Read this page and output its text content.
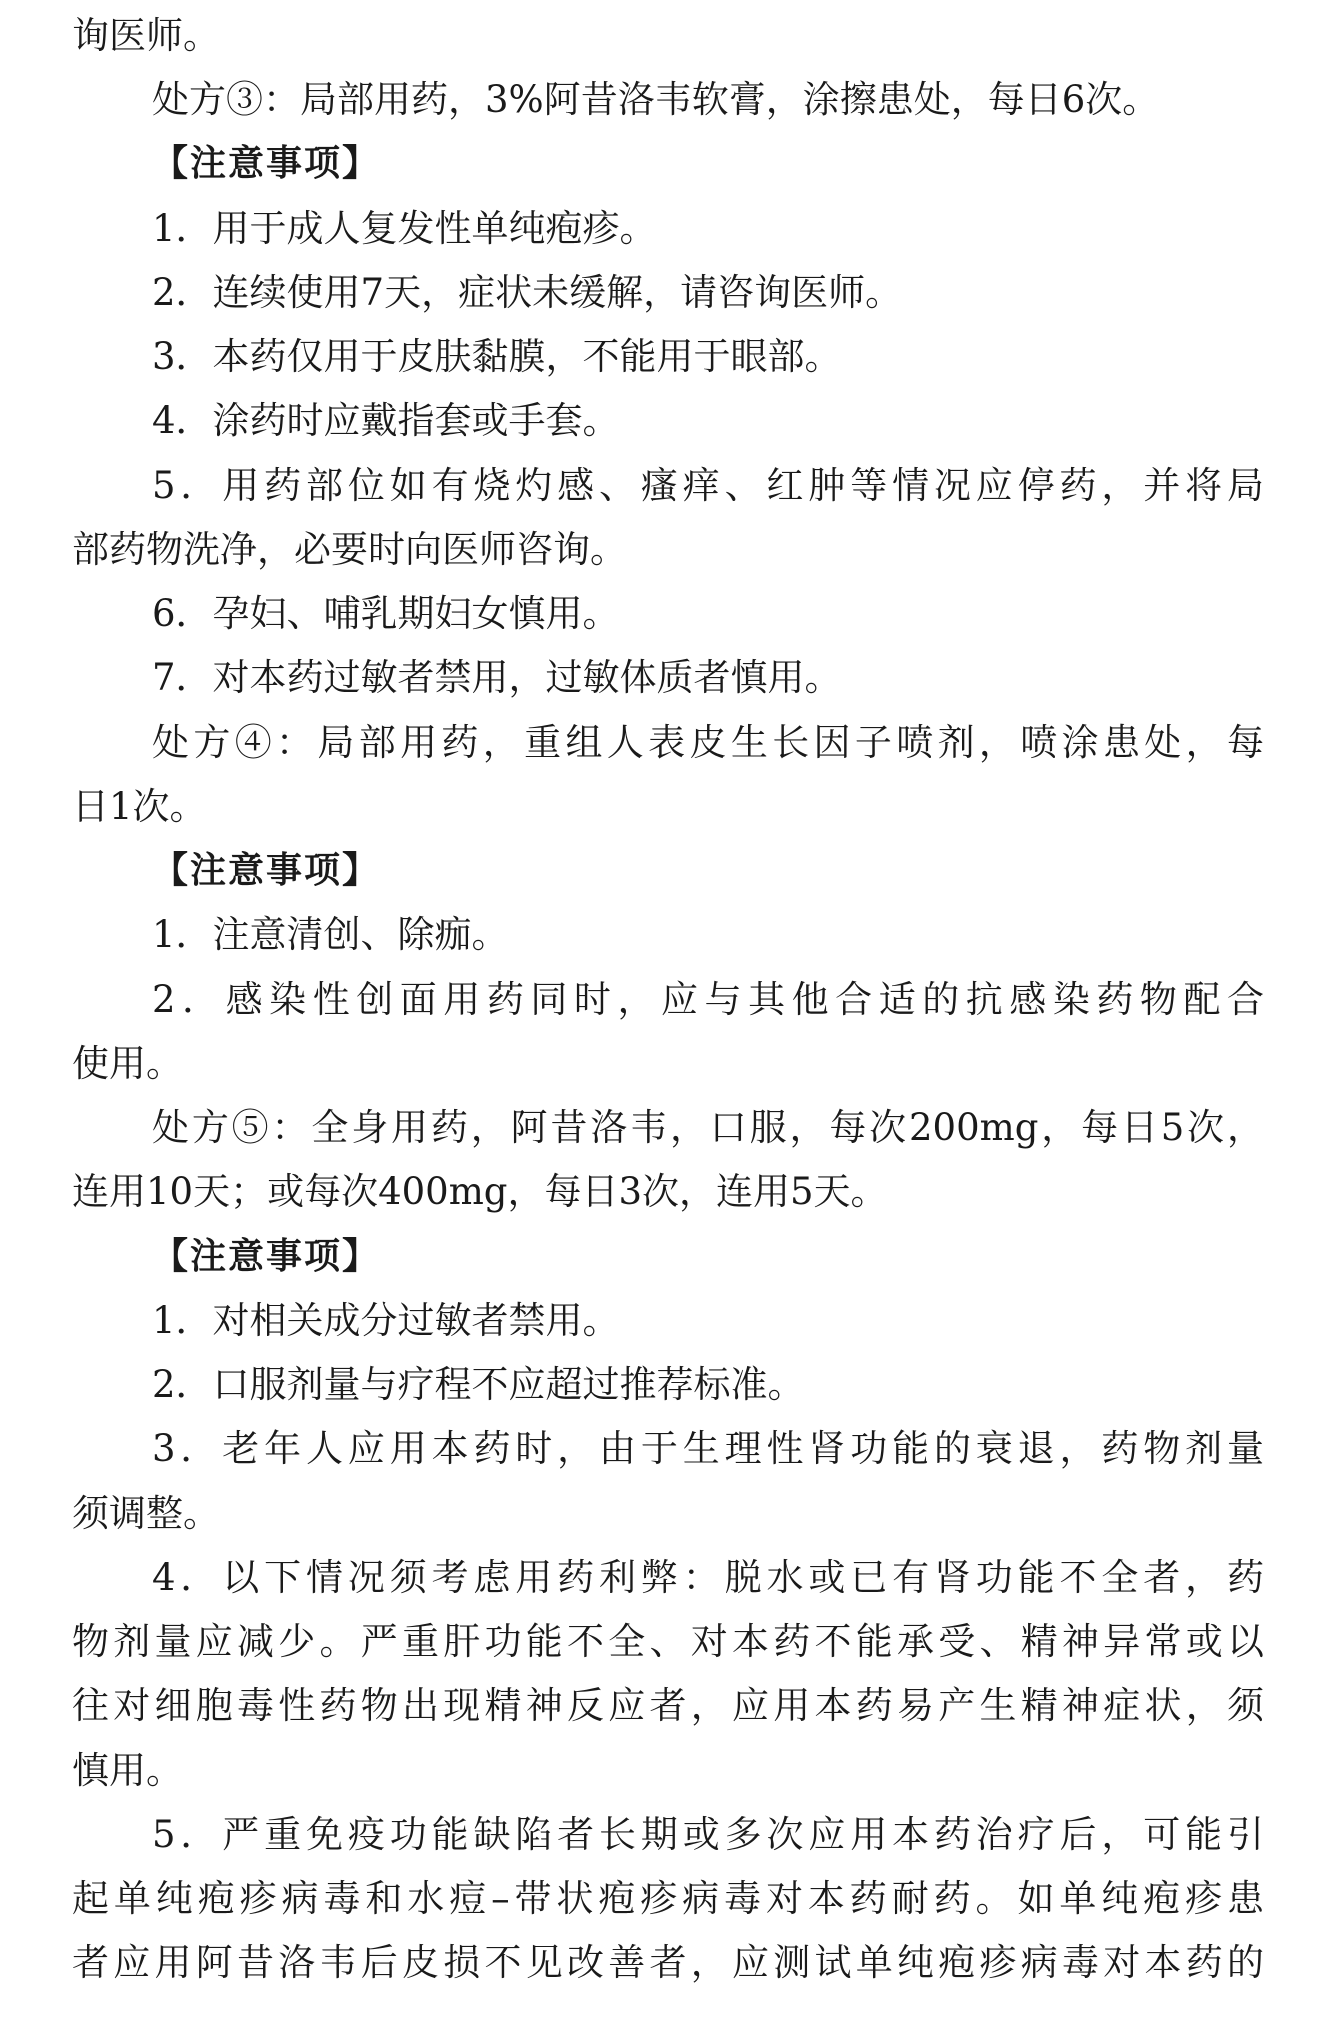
询医师。
处方③：局部用药，3%阿昔洛韦软膏，涂擦患处，每日6次。
【注意事项】
1．用于成人复发性单纯疱疹。
2．连续使用7天，症状未缓解，请咨询医师。
3．本药仅用于皮肤黏膜，不能用于眼部。
4．涂药时应戴指套或手套。
5．用药部位如有烧灼感、瘙痒、红肿等情况应停药，并将局
部药物洗净，必要时向医师咨询。
6．孕妇、哺乳期妇女慎用。
7．对本药过敏者禁用，过敏体质者慎用。
处方④：局部用药，重组人表皮生长因子喷剂，喷涂患处，每
日1次。
【注意事项】
1．注意清创、除痂。
2．感染性创面用药同时，应与其他合适的抗感染药物配合
使用。
处方⑤：全身用药，阿昔洛韦，口服，每次200mg，每日5次，
连用10天；或每次400mg，每日3次，连用5天。
【注意事项】
1．对相关成分过敏者禁用。
2．口服剂量与疗程不应超过推荐标准。
3．老年人应用本药时，由于生理性肾功能的衰退，药物剂量
须调整。
4．以下情况须考虑用药利弊：脱水或已有肾功能不全者，药
物剂量应减少。严重肝功能不全、对本药不能承受、精神异常或以
往对细胞毒性药物出现精神反应者，应用本药易产生精神症状，须
慎用。
5．严重免疫功能缺陷者长期或多次应用本药治疗后，可能引
起单纯疱疹病毒和水痘–带状疱疹病毒对本药耐药。如单纯疱疹患
者应用阿昔洛韦后皮损不见改善者，应测试单纯疱疹病毒对本药的
